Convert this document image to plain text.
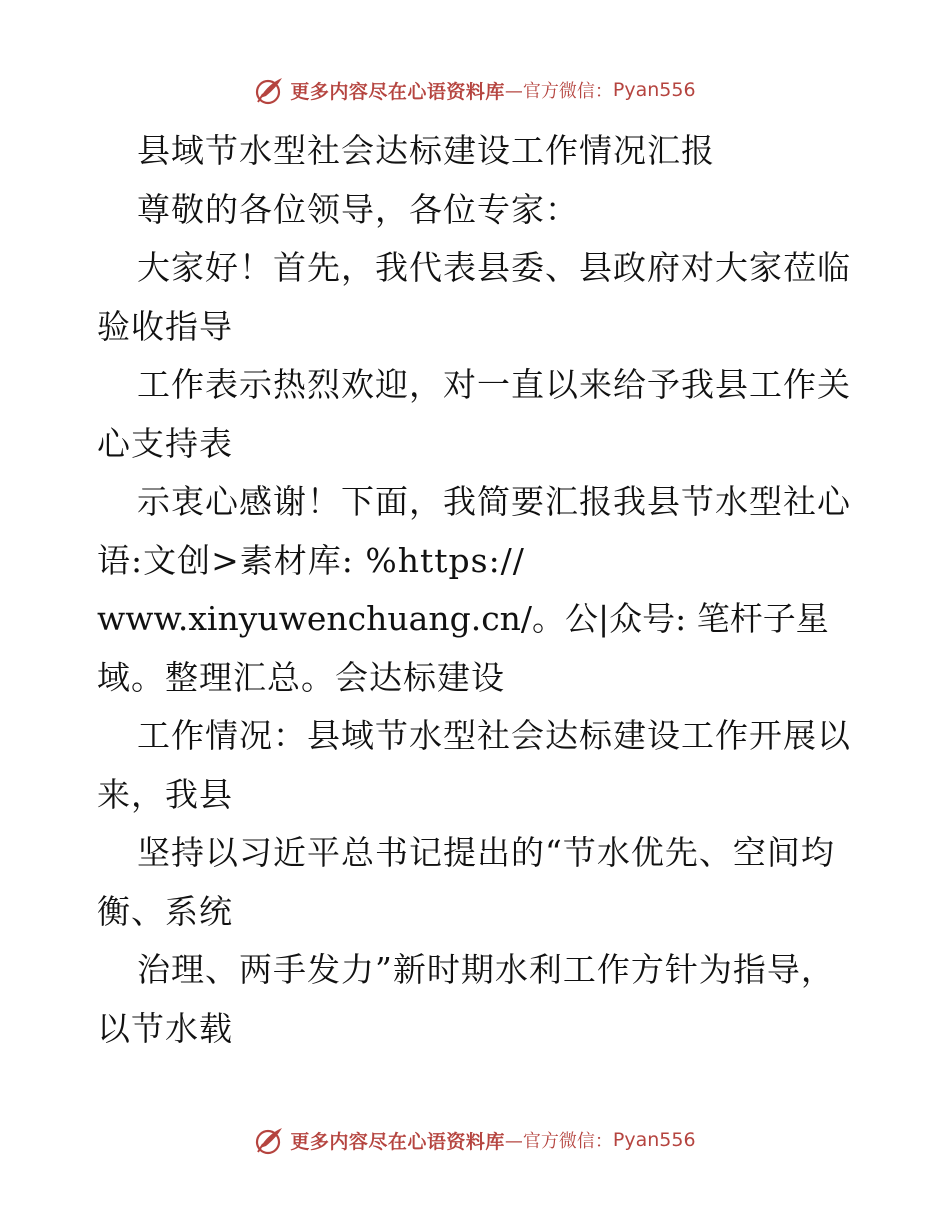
更多内容尽在心语资料库 —官方微信： Pyan556
县域节水型社会达标建设工作情况汇报
尊敬的各位领导，各位专家：
大家好！首先，我代表县委、县政府对大家莅临
验收指导
工作表示热烈欢迎，对一直以来给予我县工作关
心支持表
示衷心感谢！下面，我简要汇报我县节水型社心
语:文创>素材库: %https://
www.xinyuwenchuang.cn/。公|众号: 笔杆子星
域。整理汇总。会达标建设
工作情况：县域节水型社会达标建设工作开展以
来，我县
坚持以习近平总书记提出的“节水优先、空间均
衡、系统
治理、两手发力”新时期水利工作方针为指导，
以节水载
更多内容尽在心语资料库 —官方微信： Pyan556
